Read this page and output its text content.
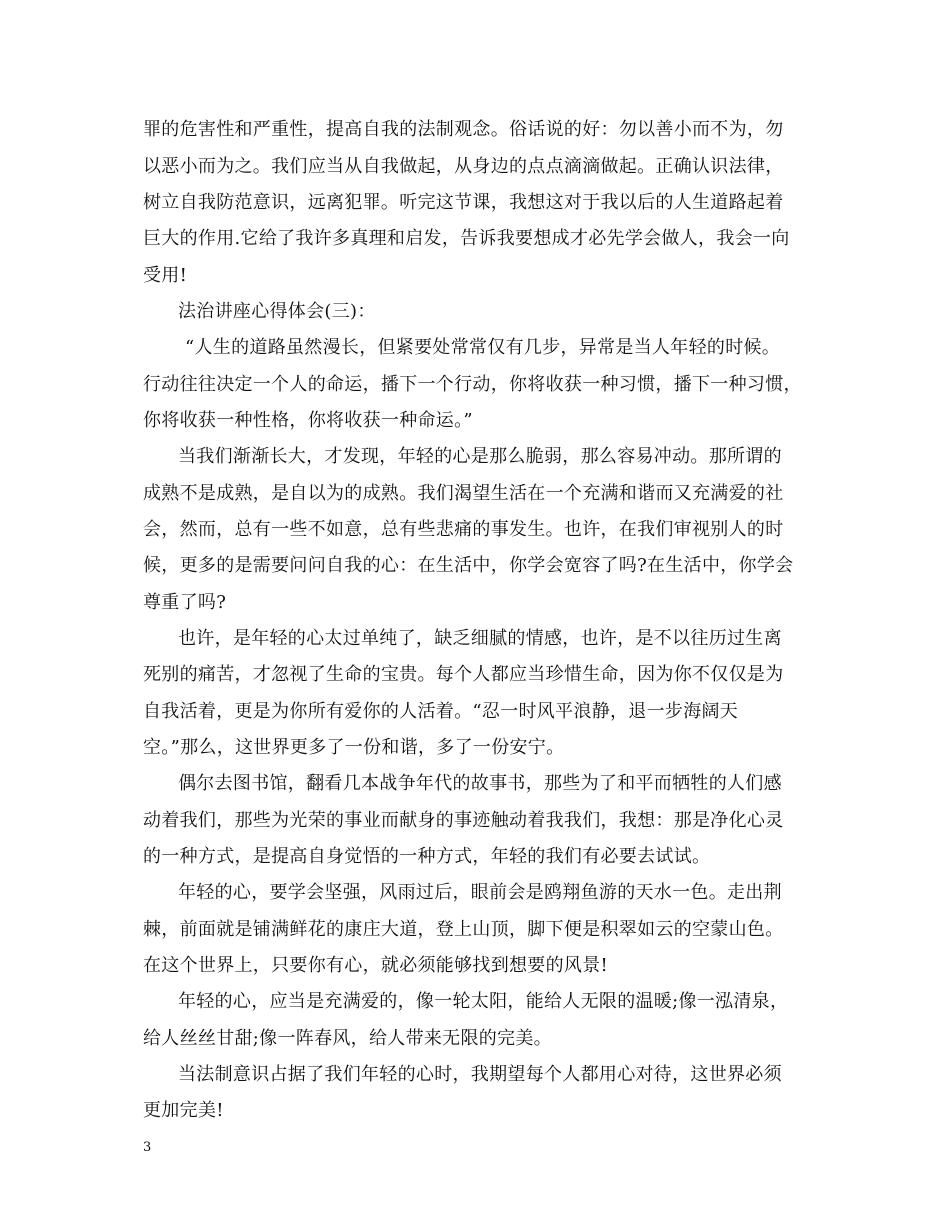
罪的危害性和严重性，提高自我的法制观念。俗话说的好：勿以善小而不为，勿
以恶小而为之。我们应当从自我做起，从身边的点点滴滴做起。正确认识法律，
树立自我防范意识，远离犯罪。听完这节课，我想这对于我以后的人生道路起着
巨大的作用.它给了我许多真理和启发，告诉我要想成才必先学会做人，我会一向
受用!
法治讲座心得体会(三)：
“人生的道路虽然漫长，但紧要处常常仅有几步，异常是当人年轻的时候。
行动往往决定一个人的命运，播下一个行动，你将收获一种习惯，播下一种习惯，
你将收获一种性格，你将收获一种命运。”
当我们渐渐长大，才发现，年轻的心是那么脆弱，那么容易冲动。那所谓的
成熟不是成熟，是自以为的成熟。我们渴望生活在一个充满和谐而又充满爱的社
会，然而，总有一些不如意，总有些悲痛的事发生。也许，在我们审视别人的时
候，更多的是需要问问自我的心：在生活中，你学会宽容了吗?在生活中，你学会
尊重了吗?
也许，是年轻的心太过单纯了，缺乏细腻的情感，也许，是不以往历过生离
死别的痛苦，才忽视了生命的宝贵。每个人都应当珍惜生命，因为你不仅仅是为
自我活着，更是为你所有爱你的人活着。“忍一时风平浪静，退一步海阔天
空。”那么，这世界更多了一份和谐，多了一份安宁。
偶尔去图书馆，翻看几本战争年代的故事书，那些为了和平而牺牲的人们感
动着我们，那些为光荣的事业而献身的事迹触动着我我们，我想：那是净化心灵
的一种方式，是提高自身觉悟的一种方式，年轻的我们有必要去试试。
年轻的心，要学会坚强，风雨过后，眼前会是鸥翔鱼游的天水一色。走出荆
棘，前面就是铺满鲜花的康庄大道，登上山顶，脚下便是积翠如云的空蒙山色。
在这个世界上，只要你有心，就必须能够找到想要的风景!
年轻的心，应当是充满爱的，像一轮太阳，能给人无限的温暖;像一泓清泉，
给人丝丝甘甜;像一阵春风，给人带来无限的完美。
当法制意识占据了我们年轻的心时，我期望每个人都用心对待，这世界必须
更加完美!
3
